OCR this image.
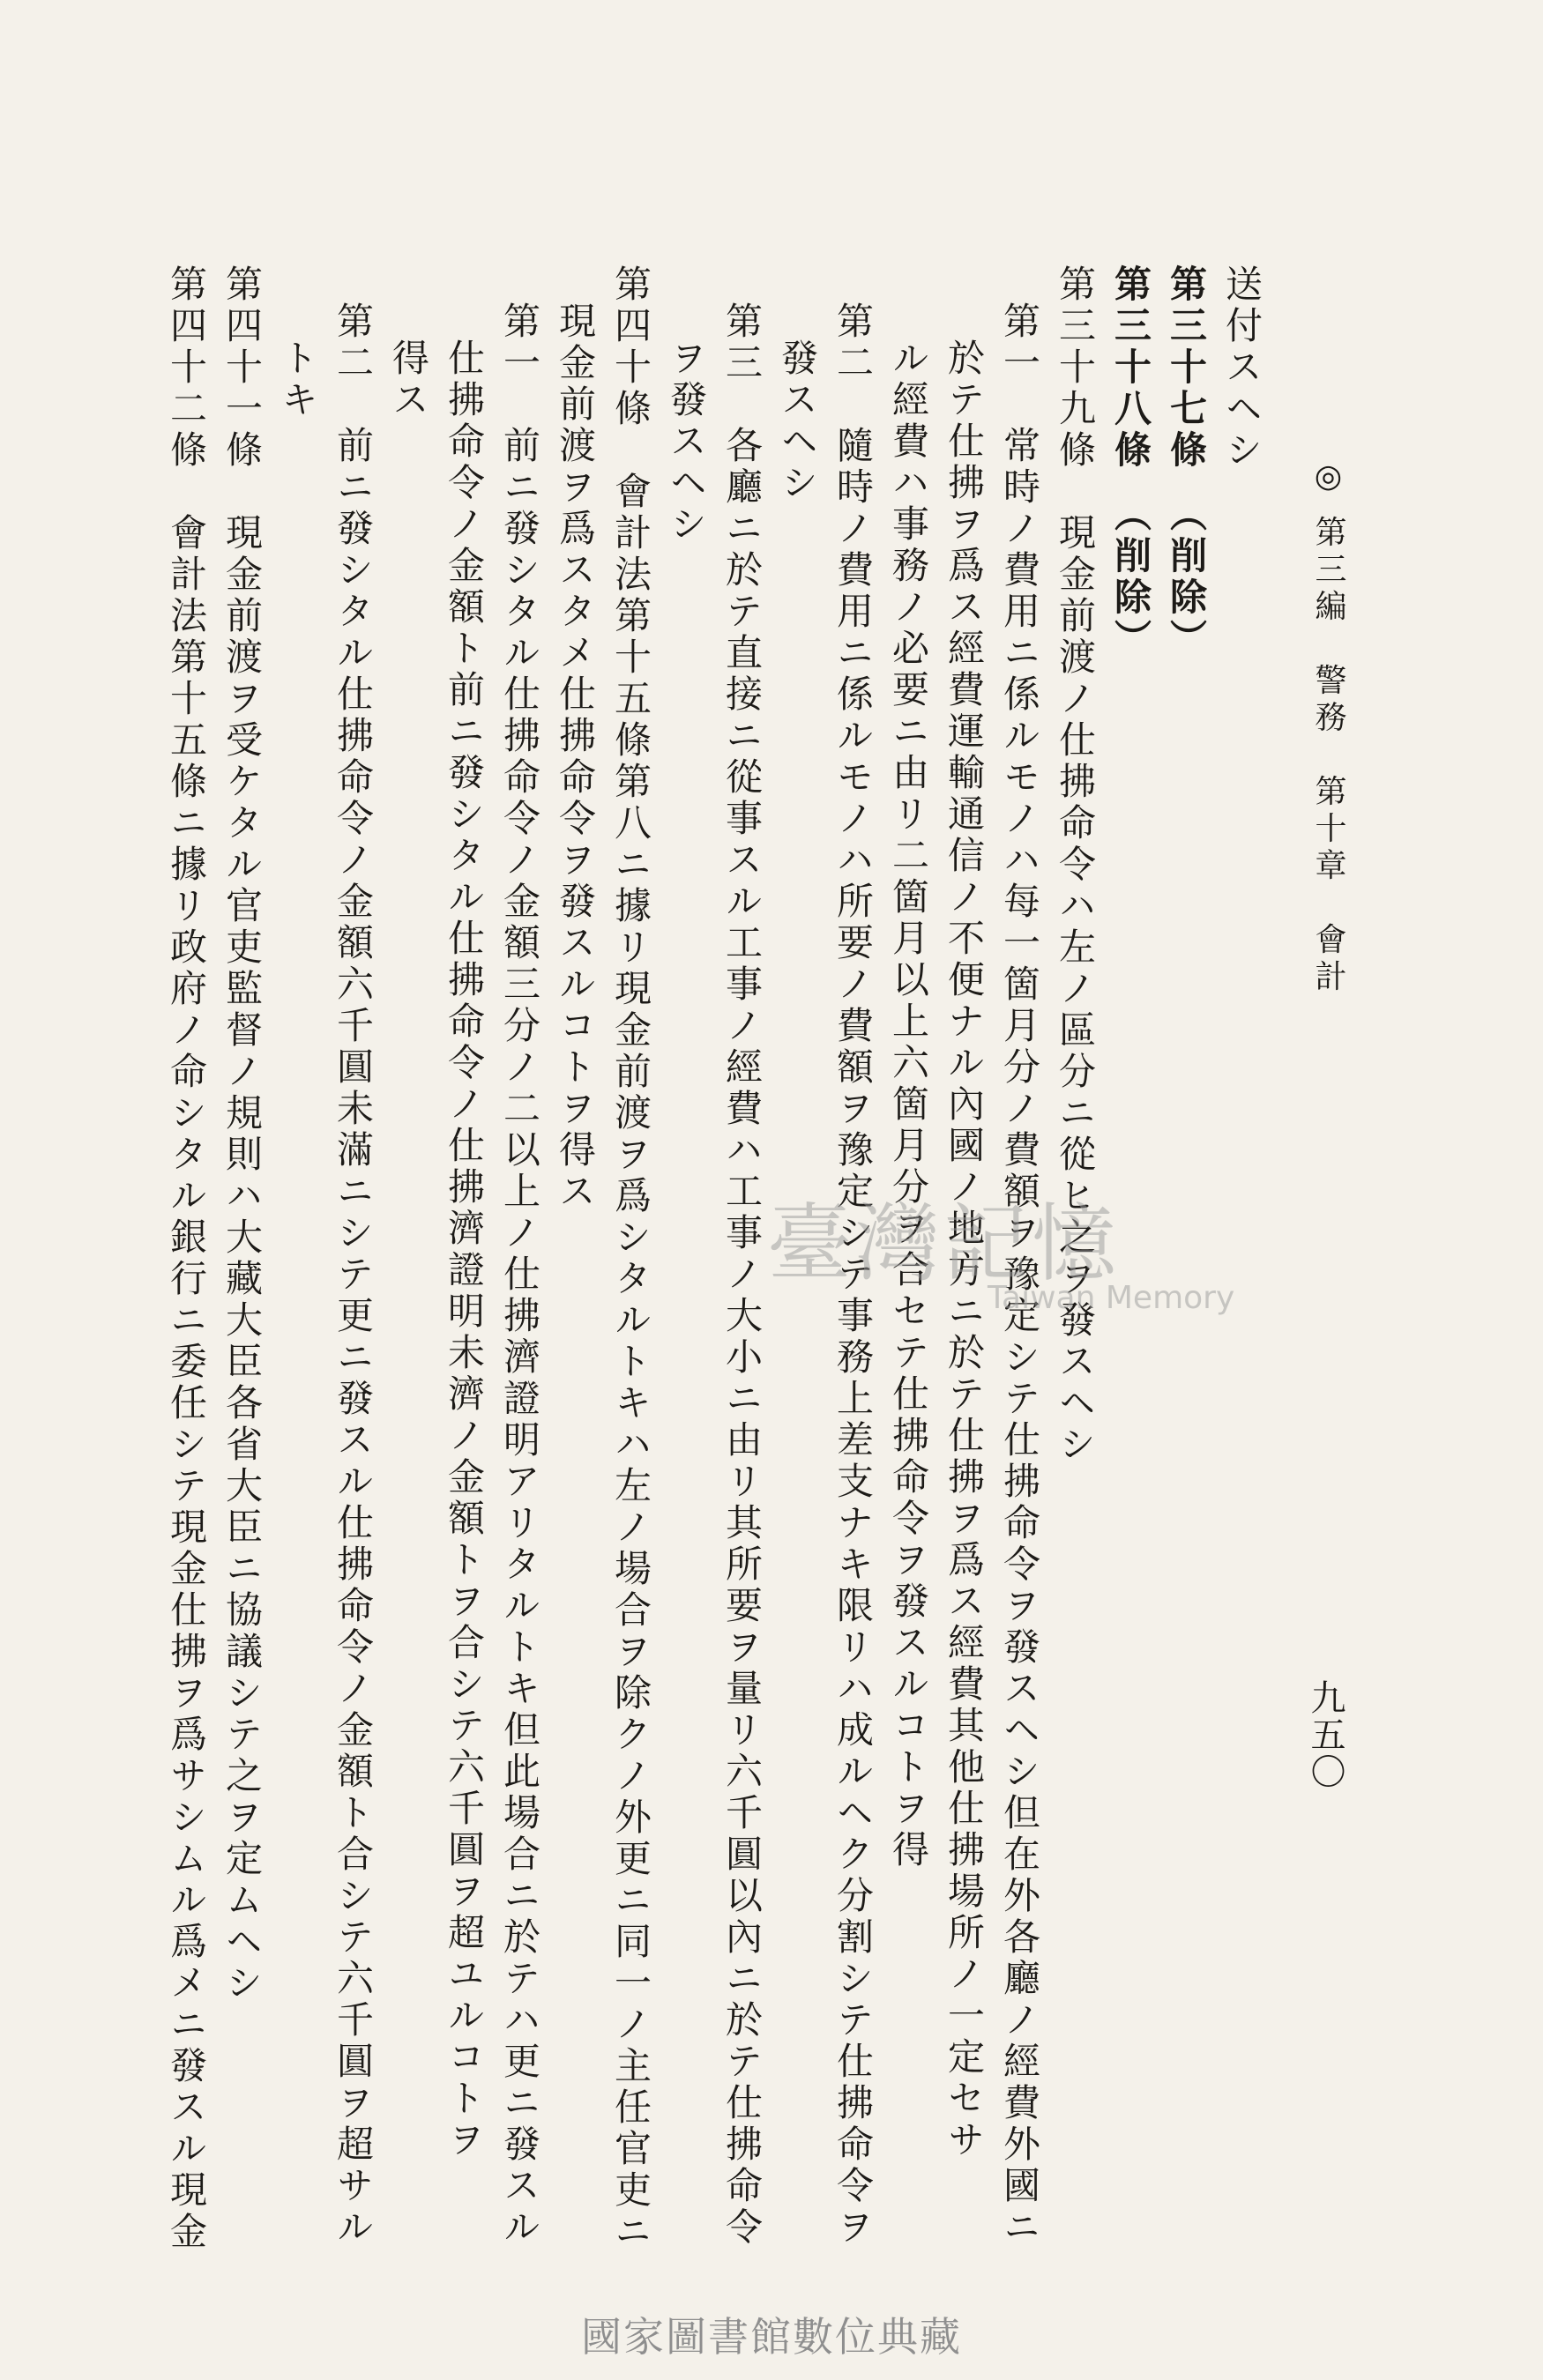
◎ 第三編　警務　第十章　會計
九五〇
送付スヘシ
第三十七條　（削除）
第三十八條　（削除）
第三十九條　現金前渡ノ仕拂命令ハ左ノ區分ニ從ヒ之ヲ發スヘシ
第一　常時ノ費用ニ係ルモノハ每一箇月分ノ費額ヲ豫定シテ仕拂命令ヲ發スヘシ但在外各廳ノ經費外國ニ
於テ仕拂ヲ爲ス經費運輸通信ノ不便ナル內國ノ地方ニ於テ仕拂ヲ爲ス經費其他仕拂場所ノ一定セサ
ル經費ハ事務ノ必要ニ由リ二箇月以上六箇月分ヲ合セテ仕拂命令ヲ發スルコトヲ得
第二　隨時ノ費用ニ係ルモノハ所要ノ費額ヲ豫定シテ事務上差支ナキ限リハ成ルヘク分割シテ仕拂命令ヲ
發スヘシ
第三　各廳ニ於テ直接ニ從事スル工事ノ經費ハ工事ノ大小ニ由リ其所要ヲ量リ六千圓以內ニ於テ仕拂命令
ヲ發スヘシ
第四十條　會計法第十五條第八ニ據リ現金前渡ヲ爲シタルトキハ左ノ場合ヲ除クノ外更ニ同一ノ主任官吏ニ
現金前渡ヲ爲スタメ仕拂命令ヲ發スルコトヲ得ス
第一　前ニ發シタル仕拂命令ノ金額三分ノ二以上ノ仕拂濟證明アリタルトキ但此場合ニ於テハ更ニ發スル
仕拂命令ノ金額ト前ニ發シタル仕拂命令ノ仕拂濟證明未濟ノ金額トヲ合シテ六千圓ヲ超ユルコトヲ
得ス
第二　前ニ發シタル仕拂命令ノ金額六千圓未滿ニシテ更ニ發スル仕拂命令ノ金額ト合シテ六千圓ヲ超サル
トキ
第四十一條　現金前渡ヲ受ケタル官吏監督ノ規則ハ大藏大臣各省大臣ニ協議シテ之ヲ定ムヘシ
第四十二條　會計法第十五條ニ據リ政府ノ命シタル銀行ニ委任シテ現金仕拂ヲ爲サシムル爲メニ發スル現金	臺灣記憶
Taiwan Memory
國家圖書館數位典藏
